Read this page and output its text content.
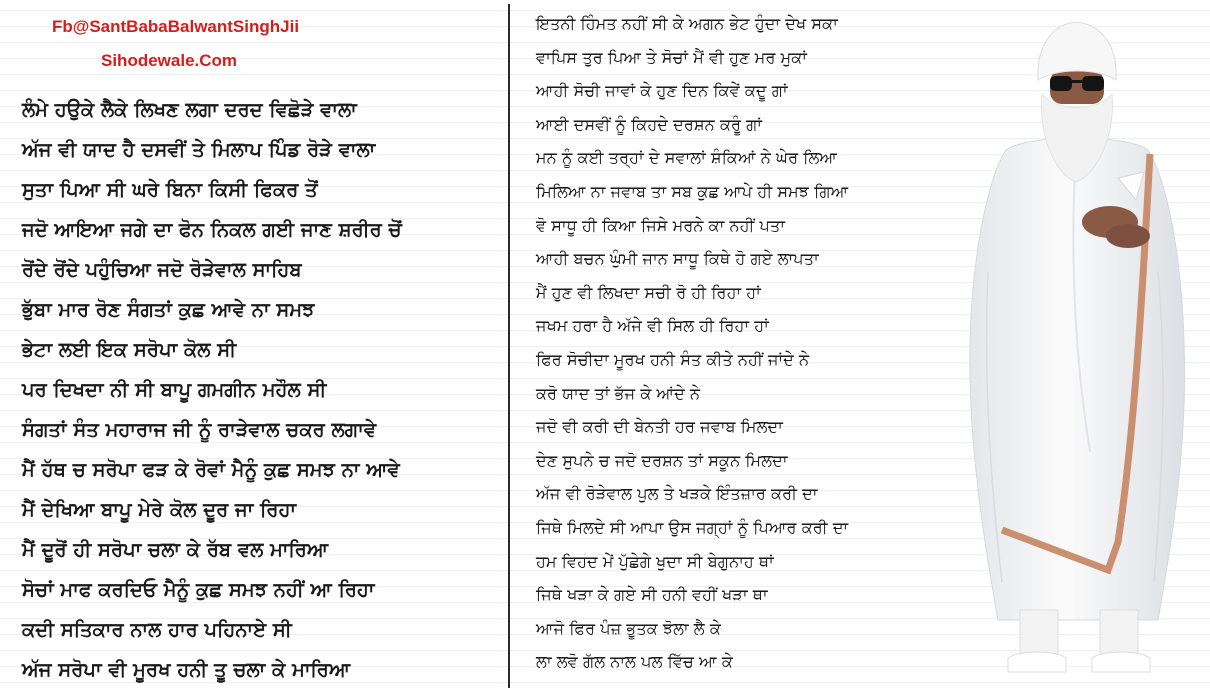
Fb@SantBabaBalwantSinghJii
Sihodewale.Com
ਲੰਮੇ ਹਉਕੇ ਲੈਕੇ ਲਿਖਣ ਲਗਾ ਦਰਦ ਵਿਛੋੜੇ ਵਾਲਾ
ਅੱਜ ਵੀ ਯਾਦ ਹੈ ਦਸਵੀਂ ਤੇ ਮਿਲਾਪ ਪਿੰਡ ਰੋੜੇ ਵਾਲਾ
ਸੁਤਾ ਪਿਆ ਸੀ ਘਰੇ ਬਿਨਾ ਕਿਸੀ ਫਿਕਰ ਤੋਂ
ਜਦੋ ਆਇਆ ਜਗੇ ਦਾ ਫੋਨ ਨਿਕਲ ਗਈ ਜਾਣ ਸ਼ਰੀਰ ਚੋਂ
ਰੋਂਦੇ ਰੋਂਦੇ ਪਹੁੰਚਿਆ ਜਦੋ ਰੋੜੇਵਾਲ ਸਾਹਿਬ
ਭੁੱਬਾ ਮਾਰ ਰੋਣ ਸੰਗਤਾਂ ਕੁਛ ਆਵੇ ਨਾ ਸਮਝ
ਭੇਟਾ ਲਈ ਇਕ ਸਰੋਪਾ ਕੋਲ ਸੀ
ਪਰ ਦਿਖਦਾ ਨੀ ਸੀ ਬਾਪੂ ਗਮਗੀਨ ਮਹੌਲ ਸੀ
ਸੰਗਤਾਂ ਸੰਤ ਮਹਾਰਾਜ ਜੀ ਨੂੰ ਰਾੜੇਵਾਲ ਚਕਰ ਲਗਾਵੇ
ਮੈਂ ਹੱਥ ਚ ਸਰੋਪਾ ਫੜ ਕੇ ਰੋਵਾਂ ਮੈਨੂੰ ਕੁਛ ਸਮਝ ਨਾ ਆਵੇ
ਮੈਂ ਦੇਖਿਆ ਬਾਪੂ ਮੇਰੇ ਕੋਲ ਦੂਰ ਜਾ ਰਿਹਾ
ਮੈਂ ਦੂਰੋਂ ਹੀ ਸਰੋਪਾ ਚਲਾ ਕੇ ਰੱਬ ਵਲ ਮਾਰਿਆ
ਸੋਚਾਂ ਮਾਫ ਕਰਦਿਓ ਮੈਨੂੰ ਕੁਛ ਸਮਝ ਨਹੀਂ ਆ ਰਿਹਾ
ਕਦੀ ਸਤਿਕਾਰ ਨਾਲ ਹਾਰ ਪਹਿਨਾਏ ਸੀ
ਅੱਜ ਸਰੋਪਾ ਵੀ ਮੂਰਖ ਹਨੀ ਤੂ ਚਲਾ ਕੇ ਮਾਰਿਆ
ਇਤਨੀ ਹਿੰਮਤ ਨਹੀਂ ਸੀ ਕੇ ਅਗਨ ਭੇਟ ਹੁੰਦਾ ਦੇਖ ਸਕਾ
ਵਾਪਿਸ ਤੁਰ ਪਿਆ ਤੇ ਸੋਚਾਂ ਮੈਂ ਵੀ ਹੁਣ ਮਰ ਮੁਕਾਂ
ਆਹੀ ਸੋਚੀ ਜਾਵਾਂ ਕੇ ਹੁਣ ਦਿਨ ਕਿਵੇਂ ਕਦੂ ਗਾਂ
ਆਈ ਦਸਵੀਂ ਨੂੰ ਕਿਹਦੇ ਦਰਸ਼ਨ ਕਰੂੰ ਗਾਂ
ਮਨ ਨੂੰ ਕਈ ਤਰ੍ਹਾਂ ਦੇ ਸਵਾਲਾਂ ਸ਼ੰਕਿਆਂ ਨੇ ਘੇਰ ਲਿਆ
ਮਿਲਿਆ ਨਾ ਜਵਾਬ ਤਾ ਸਬ ਕੁਛ ਆਪੇ ਹੀ ਸਮਝ ਗਿਆ
ਵੋ ਸਾਧੂ ਹੀ ਕਿਆ ਜਿਸੇ ਮਰਨੇ ਕਾ ਨਹੀਂ ਪਤਾ
ਆਹੀ ਬਚਨ ਘੁੰਮੀ ਜਾਨ ਸਾਧੂ ਕਿਥੇ ਹੋ ਗਏ ਲਾਪਤਾ
ਮੈਂ ਹੁਣ ਵੀ ਲਿਖਦਾ ਸਚੀ ਰੋ ਹੀ ਰਿਹਾ ਹਾਂ
ਜਖਮ ਹਰਾ ਹੈ ਅੱਜੇ ਵੀ ਸਿਲ ਹੀ ਰਿਹਾ ਹਾਂ
ਫਿਰ ਸੋਚੀਦਾ ਮੂਰਖ ਹਨੀ ਸੰਤ ਕੀਤੇ ਨਹੀਂ ਜਾਂਦੇ ਨੇ
ਕਰੋ ਯਾਦ ਤਾਂ ਭੱਜ ਕੇ ਆਂਦੇ ਨੇ
ਜਦੋ ਵੀ ਕਰੀ ਦੀ ਬੇਨਤੀ ਹਰ ਜਵਾਬ ਮਿਲਦਾ
ਦੇਣ ਸੁਪਨੇ ਚ ਜਦੋ ਦਰਸ਼ਨ ਤਾਂ ਸਕੂਨ ਮਿਲਦਾ
ਅੱਜ ਵੀ ਰੋੜੇਵਾਲ ਪੁਲ ਤੇ ਖੜਕੇ ਇੰਤਜ਼ਾਰ ਕਰੀ ਦਾ
ਜਿਥੇ ਮਿਲਦੇ ਸੀ ਆਪਾ ਉਸ ਜਗ੍ਹਾਂ ਨੂੰ ਪਿਆਰ ਕਰੀ ਦਾ
ਹਮ ਵਿਹਦ ਮੇਂ ਪੁੱਛੇਗੇ ਖੁਦਾ ਸੀ ਬੇਗੁਨਾਹ ਥਾਂ
ਜਿਥੇ ਖੜਾ ਕੇ ਗਏ ਸੀ ਹਨੀ ਵਹੀਂ ਖੜਾ ਥਾ
ਆਜੋ ਫਿਰ ਪੰਜ਼ ਭੂਤਕ ਝੋਲਾ ਲੈ ਕੇ
ਲਾ ਲਵੋ ਗੱਲ ਨਾਲ ਪਲ ਵਿੱਚ ਆ ਕੇ
